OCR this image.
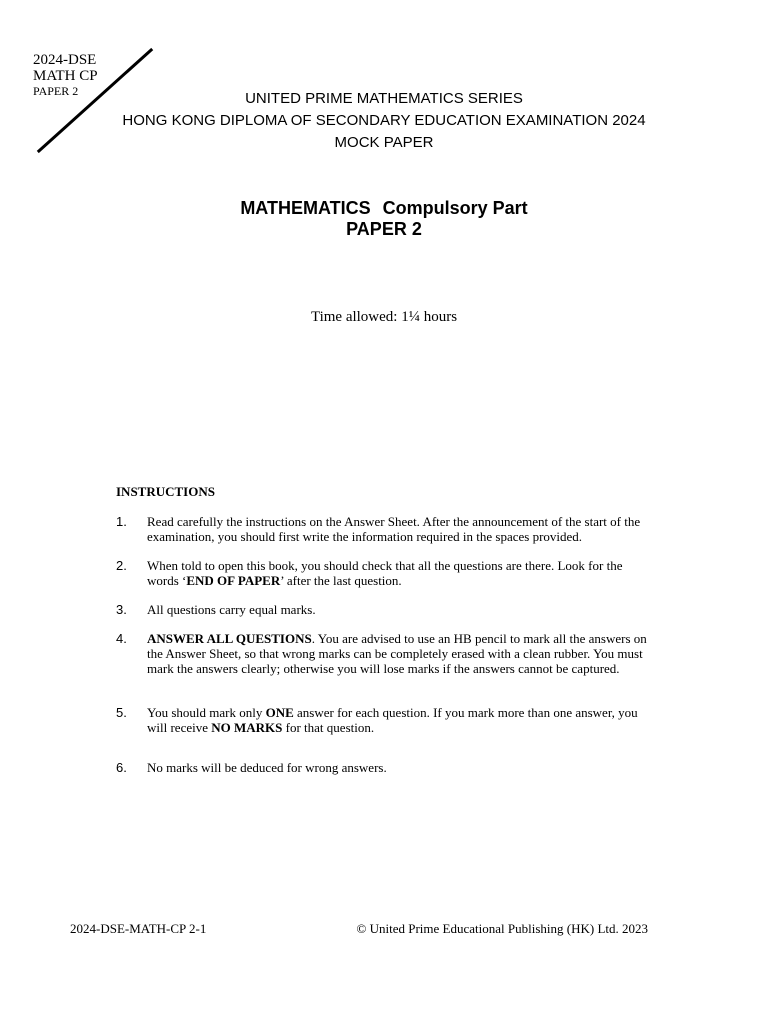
2024-DSE
MATH CP
PAPER 2	UNITED PRIME MATHEMATICS SERIES
HONG KONG DIPLOMA OF SECONDARY EDUCATION EXAMINATION 2024
MOCK PAPER
MATHEMATICS Compulsory Part
PAPER 2
Time allowed: 1¼ hours
INSTRUCTIONS
1.	Read carefully the instructions on the Answer Sheet. After the announcement of the start of the examination, you should first write the information required in the spaces provided.
2.	When told to open this book, you should check that all the questions are there. Look for the words ‘END OF PAPER’ after the last question.
3.	All questions carry equal marks.
4.	ANSWER ALL QUESTIONS. You are advised to use an HB pencil to mark all the answers on the Answer Sheet, so that wrong marks can be completely erased with a clean rubber. You must mark the answers clearly; otherwise you will lose marks if the answers cannot be captured.
5.	You should mark only ONE answer for each question. If you mark more than one answer, you will receive NO MARKS for that question.
6.	No marks will be deduced for wrong answers.
2024-DSE-MATH-CP 2-1	© United Prime Educational Publishing (HK) Ltd. 2023
